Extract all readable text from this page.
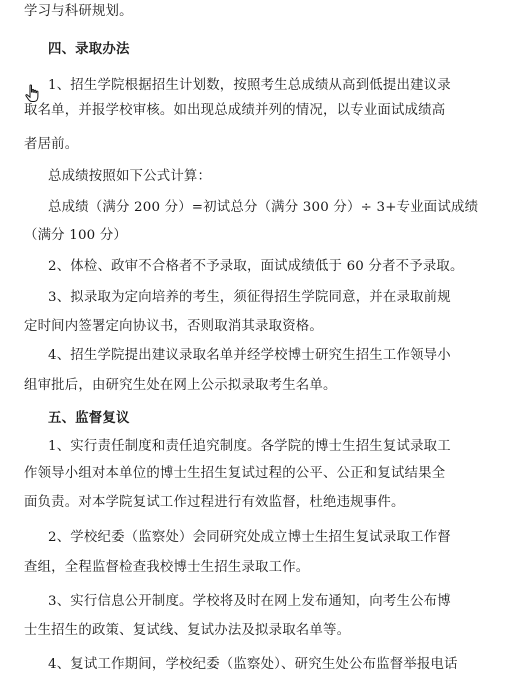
学习与科研规划。
四、录取办法
1、招生学院根据招生计划数，按照考生总成绩从高到低提出建议录
取名单，并报学校审核。如出现总成绩并列的情况，以专业面试成绩高
者居前。
总成绩按照如下公式计算：
总成绩（满分 200 分）=初试总分（满分 300 分）÷ 3+专业面试成绩
（满分 100 分）
2、体检、政审不合格者不予录取，面试成绩低于 60 分者不予录取。
3、拟录取为定向培养的考生，须征得招生学院同意，并在录取前规
定时间内签署定向协议书，否则取消其录取资格。
4、招生学院提出建议录取名单并经学校博士研究生招生工作领导小
组审批后，由研究生处在网上公示拟录取考生名单。
五、监督复议
1、实行责任制度和责任追究制度。各学院的博士生招生复试录取工
作领导小组对本单位的博士生招生复试过程的公平、公正和复试结果全
面负责。对本学院复试工作过程进行有效监督，杜绝违规事件。
2、学校纪委（监察处）会同研究处成立博士生招生复试录取工作督
查组，全程监督检查我校博士生招生录取工作。
3、实行信息公开制度。学校将及时在网上发布通知，向考生公布博
士生招生的政策、复试线、复试办法及拟录取名单等。
4、复试工作期间，学校纪委（监察处）、研究生处公布监督举报电话
